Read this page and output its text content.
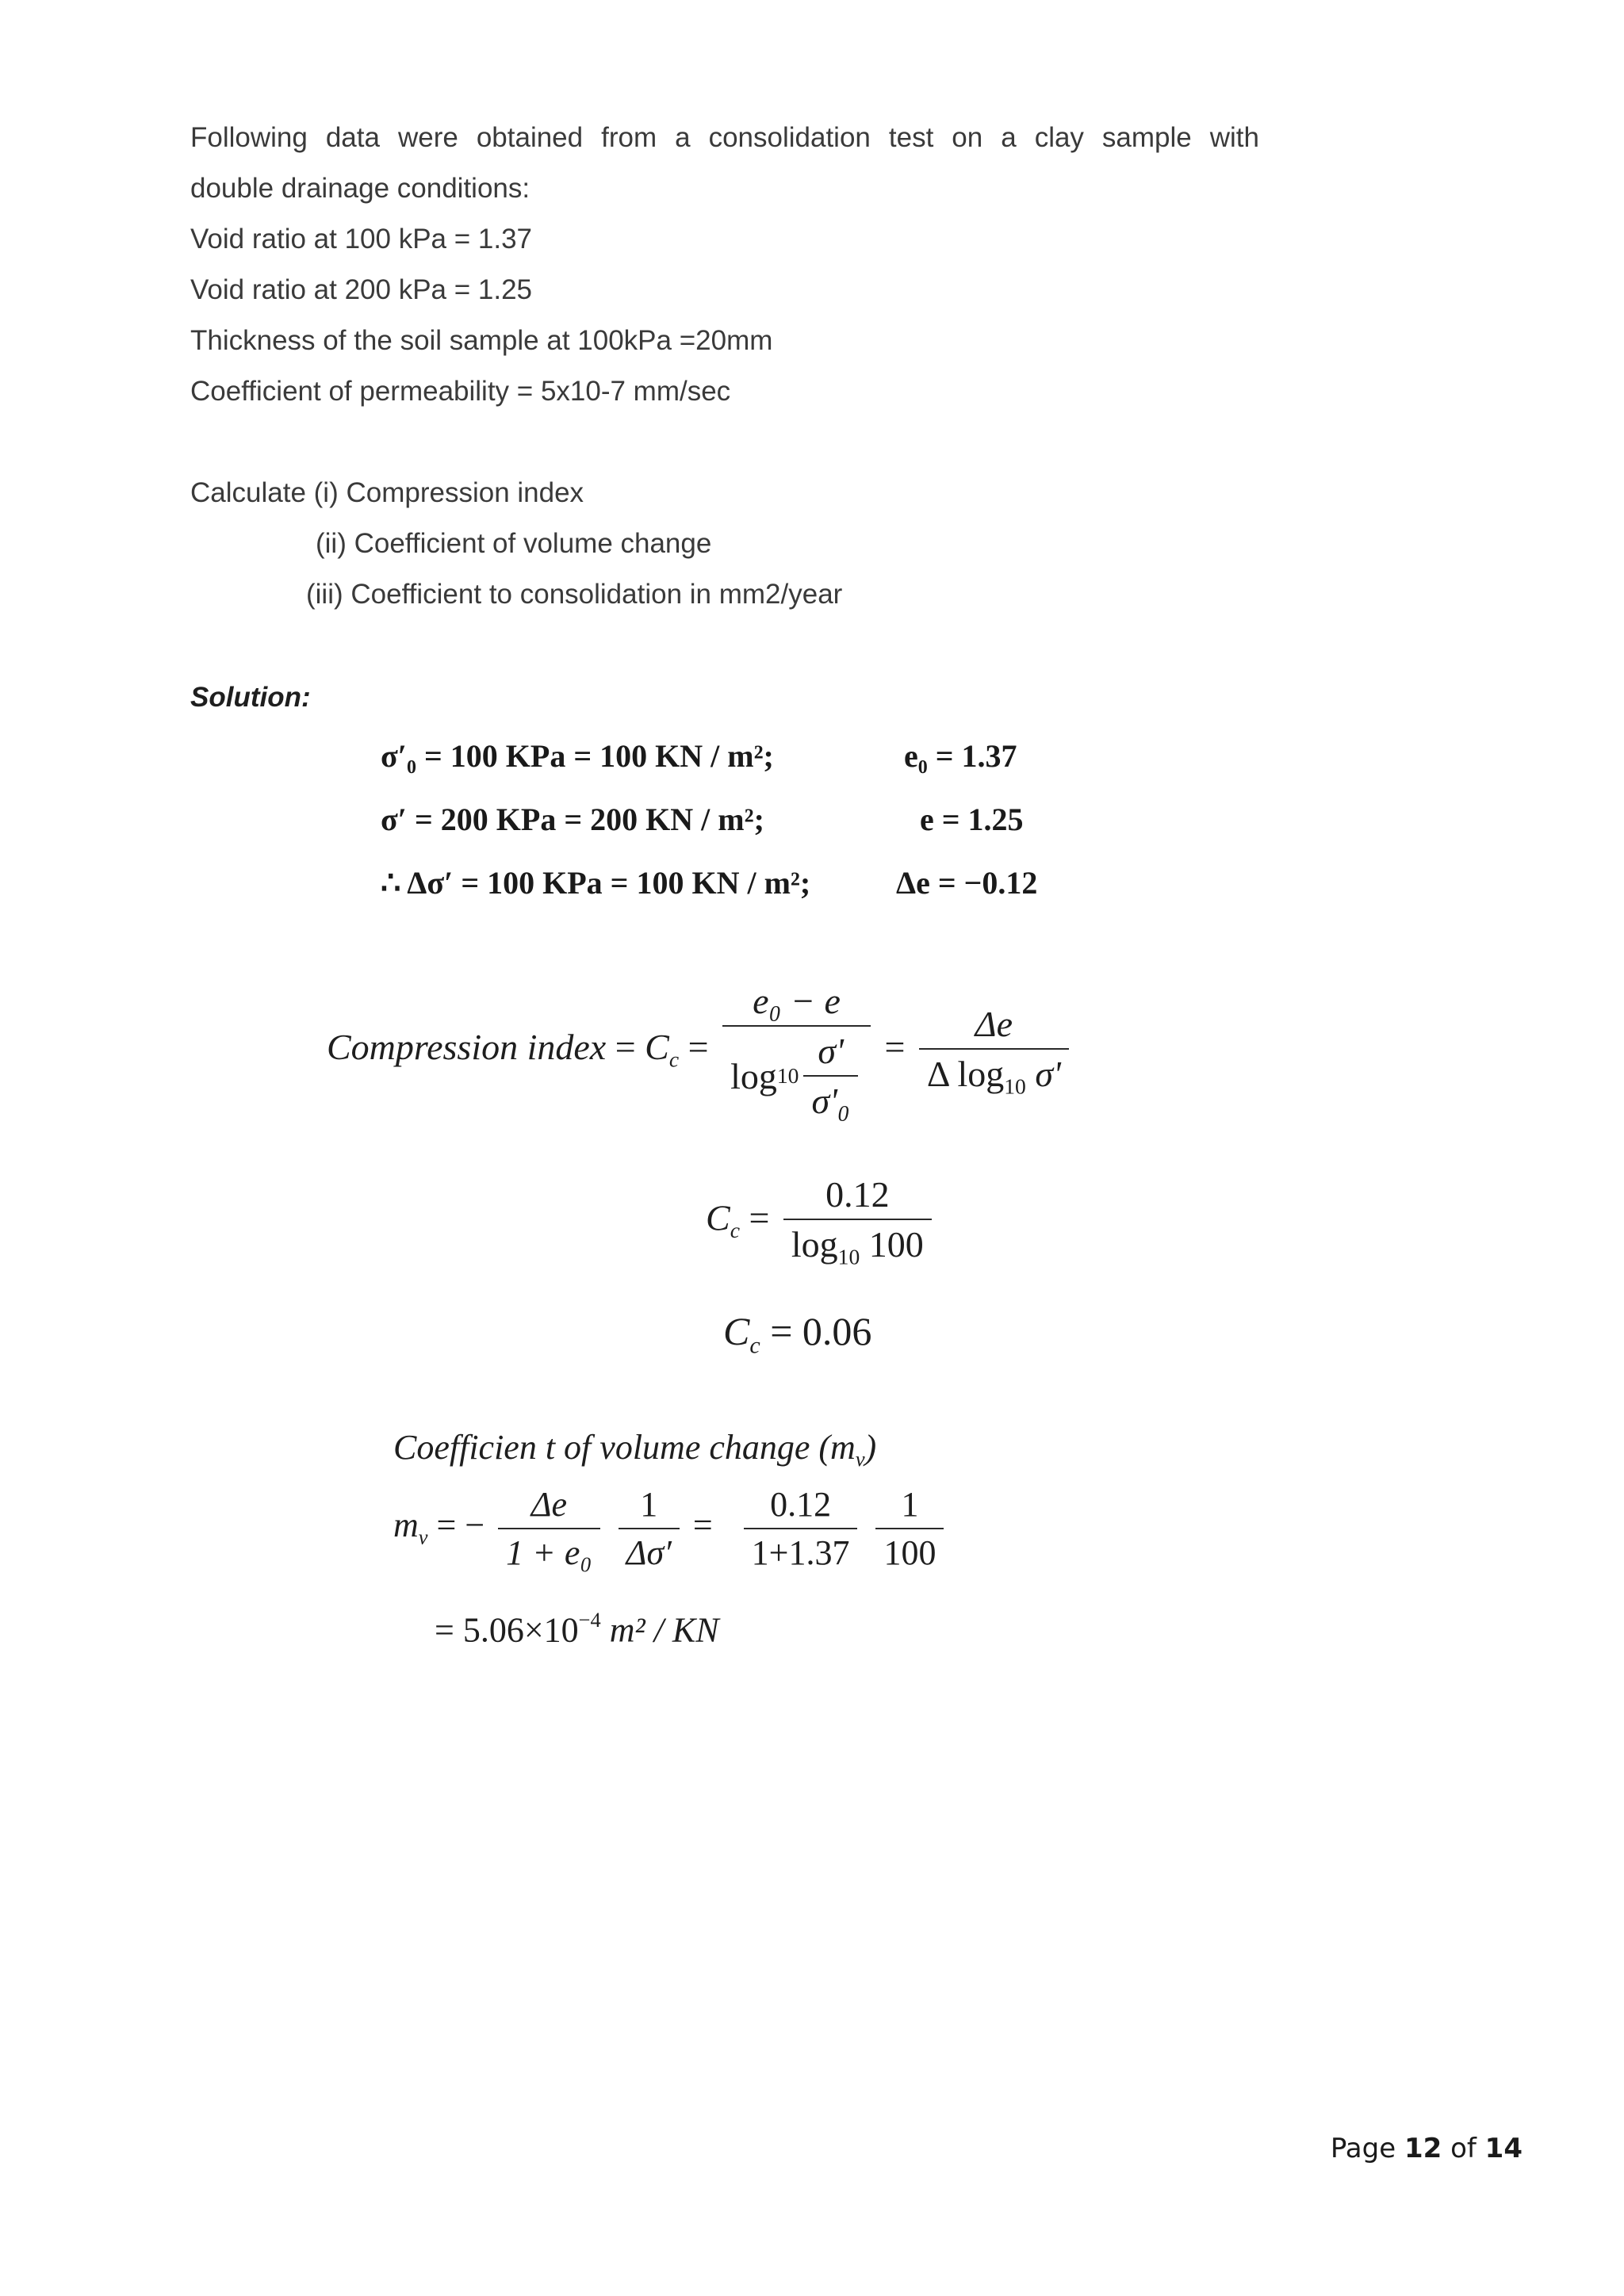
Following data were obtained from a consolidation test on a clay sample with
double drainage conditions:
Void ratio at 100 kPa = 1.37
Void ratio at 200 kPa = 1.25
Thickness of the soil sample at 100kPa =20mm
Coefficient of permeability = 5x10-7 mm/sec
Calculate (i) Compression index
(ii) Coefficient of volume change
(iii) Coefficient to consolidation in mm2/year
Solution:
σ′₀ = 100 KPa = 100 KN / m²;	e₀ = 1.37
σ′ = 200 KPa = 200 KN / m²;	e = 1.25
∴ Δσ′ = 100 KPa = 100 KN / m²;	Δe = −0.12
Compression index = $C_c = \frac{\text{e₀ − e}}{\log 10 \frac{\sigma'}{\text{σ'₀}}} = \frac{\Delta e}{\Delta \log_{10} \sigma'}$
$C_c = \frac{0.12}{\log_{10} 100}$
$C_c = 0.06$
Coefficien t of volume change $(m_v)$
$m_v$ = − $\frac{\Delta e}{\text{1 + e₀}}$
$\frac{1}{\Delta\sigma'} = \frac{0.12}{1+1.37}$
$\frac{1}{100}$
= $5.06\times 10^{-4}$ m² / KN
Page 12 of 14
